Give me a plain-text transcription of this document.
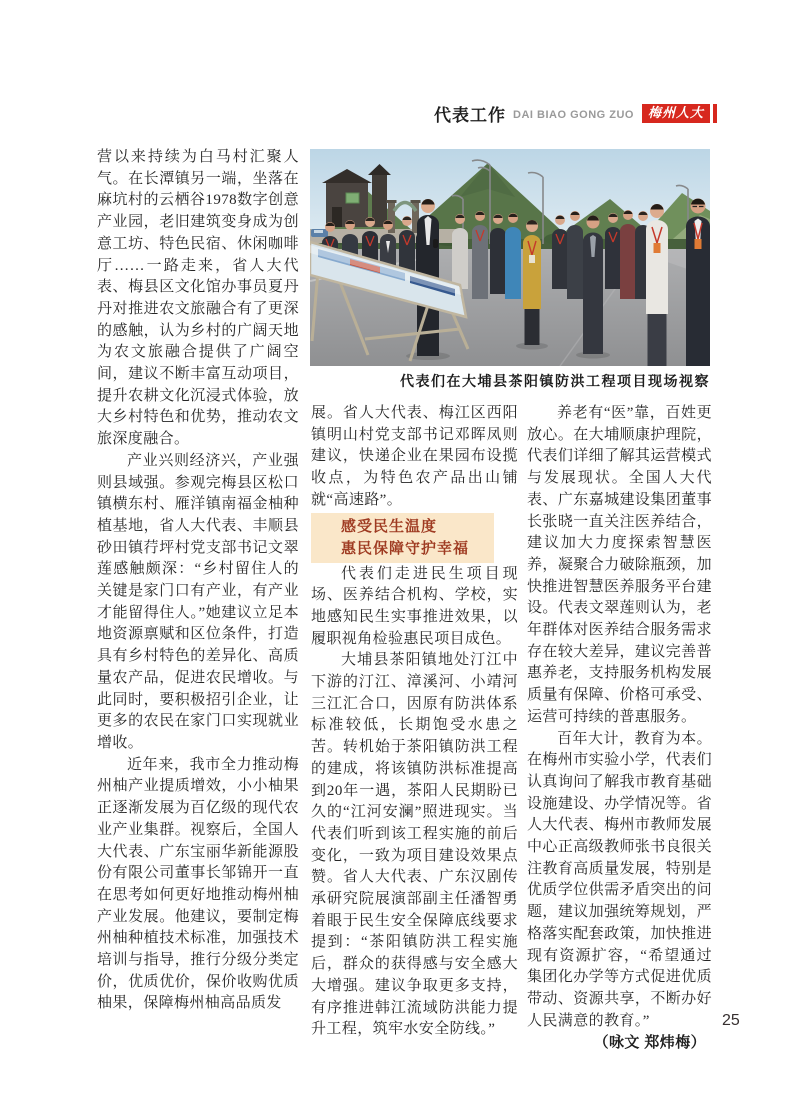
代表工作 DAI BIAO GONG ZUO	梅州人大
代表们在大埔县茶阳镇防洪工程项目现场视察

营以来持续为白马村汇聚人气。在长潭镇另一端，坐落在麻坑村的云栖谷1978数字创意产业园，老旧建筑变身成为创意工坊、特色民宿、休闲咖啡厅……一路走来，省人大代表、梅县区文化馆办事员夏丹丹对推进农文旅融合有了更深的感触，认为乡村的广阔天地为农文旅融合提供了广阔空间，建议不断丰富互动项目，提升农耕文化沉浸式体验，放大乡村特色和优势，推动农文旅深度融合。

产业兴则经济兴，产业强则县域强。参观完梅县区松口镇横东村、雁洋镇南福金柚种植基地，省人大代表、丰顺县砂田镇荇坪村党支部书记文翠莲感触颇深：“乡村留住人的关键是家门口有产业，有产业才能留得住人。”她建议立足本地资源禀赋和区位条件，打造具有乡村特色的差异化、高质量农产品，促进农民增收。与此同时，要积极招引企业，让更多的农民在家门口实现就业增收。

近年来，我市全力推动梅州柚产业提质增效，小小柚果正逐渐发展为百亿级的现代农业产业集群。视察后，全国人大代表、广东宝丽华新能源股份有限公司董事长邹锦开一直在思考如何更好地推动梅州柚产业发展。他建议，要制定梅州柚种植技术标准，加强技术培训与指导，推行分级分类定价，优质优价，保价收购优质柚果，保障梅州柚高品质发

展。省人大代表、梅江区西阳镇明山村党支部书记邓晖凤则建议，快递企业在果园布设揽收点，为特色农产品出山铺就“高速路”。

感受民生温度
惠民保障守护幸福

代表们走进民生项目现场、医养结合机构、学校，实地感知民生实事推进效果，以履职视角检验惠民项目成色。

大埔县茶阳镇地处汀江中下游的汀江、漳溪河、小靖河三江汇合口，因原有防洪体系标准较低，长期饱受水患之苦。转机始于茶阳镇防洪工程的建成，将该镇防洪标准提高到20年一遇，茶阳人民期盼已久的“江河安澜”照进现实。当代表们听到该工程实施的前后变化，一致为项目建设效果点赞。省人大代表、广东汉剧传承研究院展演部副主任潘智勇着眼于民生安全保障底线要求提到：“茶阳镇防洪工程实施后，群众的获得感与安全感大大增强。建议争取更多支持，有序推进韩江流域防洪能力提升工程，筑牢水安全防线。”

养老有“医”靠，百姓更放心。在大埔顺康护理院，代表们详细了解其运营模式与发展现状。全国人大代表、广东嘉城建设集团董事长张晓一直关注医养结合，建议加大力度探索智慧医养，凝聚合力破除瓶颈，加快推进智慧医养服务平台建设。代表文翠莲则认为，老年群体对医养结合服务需求存在较大差异，建议完善普惠养老，支持服务机构发展质量有保障、价格可承受、运营可持续的普惠服务。

百年大计，教育为本。在梅州市实验小学，代表们认真询问了解我市教育基础设施建设、办学情况等。省人大代表、梅州市教师发展中心正高级教师张书良很关注教育高质量发展，特别是优质学位供需矛盾突出的问题，建议加强统筹规划，严格落实配套政策，加快推进现有资源扩容，“希望通过集团化办学等方式促进优质带动、资源共享，不断办好人民满意的教育。”

（咏文 郑炜梅）

25
